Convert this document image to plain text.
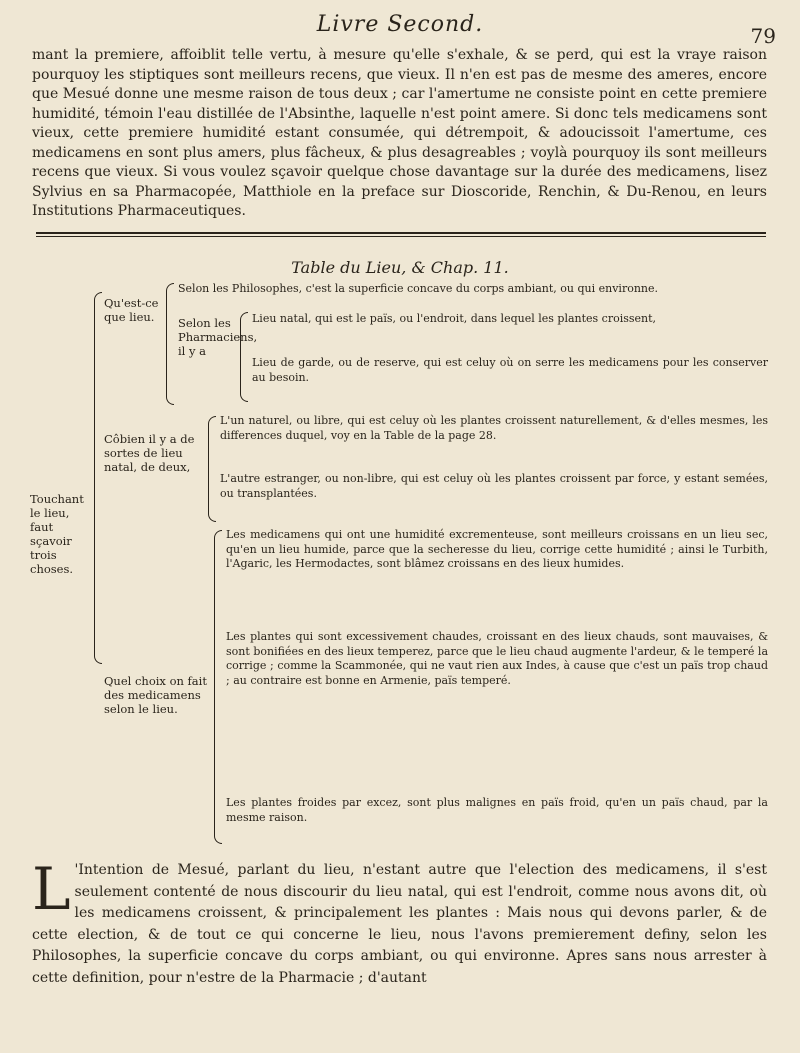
Livre Second.	79
mant la premiere, affoiblit telle vertu, à mesure qu'elle s'exhale, & se perd, qui est la vraye raison pourquoy les stiptiques sont meilleurs recens, que vieux. Il n'en est pas de mesme des ameres, encore que Mesué donne une mesme raison de tous deux ; car l'amertume ne consiste point en cette premiere humidité, témoin l'eau distillée de l'Absinthe, laquelle n'est point amere. Si donc tels medicamens sont vieux, cette premiere humidité estant consumée, qui détrempoit, & adoucissoit l'amertume, ces medicamens en sont plus amers, plus fâcheux, & plus desagreables ; voylà pourquoy ils sont meilleurs recens que vieux. Si vous voulez sçavoir quelque chose davantage sur la durée des medicamens, lisez Sylvius en sa Pharmacopée, Matthiole en la preface sur Dioscoride, Renchin, & Du-Renou, en leurs Institutions Pharmaceutiques.
Table du Lieu, & Chap. 11.
Touchant le lieu, faut sçavoir trois choses.
Qu'est-ce que lieu.
Selon les Philosophes, c'est la superficie concave du corps ambiant, ou qui environne.
Selon les Pharmaciens, il y a
Lieu natal, qui est le païs, ou l'endroit, dans lequel les plantes croissent,
Lieu de garde, ou de reserve, qui est celuy où on serre les medicamens pour les conserver au besoin.
Côbien il y a de sortes de lieu natal, de deux,
L'un naturel, ou libre, qui est celuy où les plantes croissent naturellement, & d'elles mesmes, les differences duquel, voy en la Table de la page 28.
L'autre estranger, ou non-libre, qui est celuy où les plantes croissent par force, y estant semées, ou transplantées.
Quel choix on fait des medicamens selon le lieu.
Les medicamens qui ont une humidité excrementeuse, sont meilleurs croissans en un lieu sec, qu'en un lieu humide, parce que la secheresse du lieu, corrige cette humidité ; ainsi le Turbith, l'Agaric, les Hermodactes, sont blâmez croissans en des lieux humides.
Les plantes qui sont excessivement chaudes, croissant en des lieux chauds, sont mauvaises, & sont bonifiées en des lieux temperez, parce que le lieu chaud augmente l'ardeur, & le temperé la corrige ; comme la Scammonée, qui ne vaut rien aux Indes, à cause que c'est un païs trop chaud ; au contraire est bonne en Armenie, païs temperé.
Les plantes froides par excez, sont plus malignes en païs froid, qu'en un païs chaud, par la mesme raison.
L 'Intention de Mesué, parlant du lieu, n'estant autre que l'election des medicamens, il s'est seulement contenté de nous discourir du lieu natal, qui est l'endroit, comme nous avons dit, où les medicamens croissent, & principalement les plantes : Mais nous qui devons parler, & de cette election, & de tout ce qui concerne le lieu, nous l'avons premierement definy, selon les Philosophes, la superficie concave du corps ambiant, ou qui environne. Apres sans nous arrester à cette definition, pour n'estre de la Pharmacie ; d'autant
